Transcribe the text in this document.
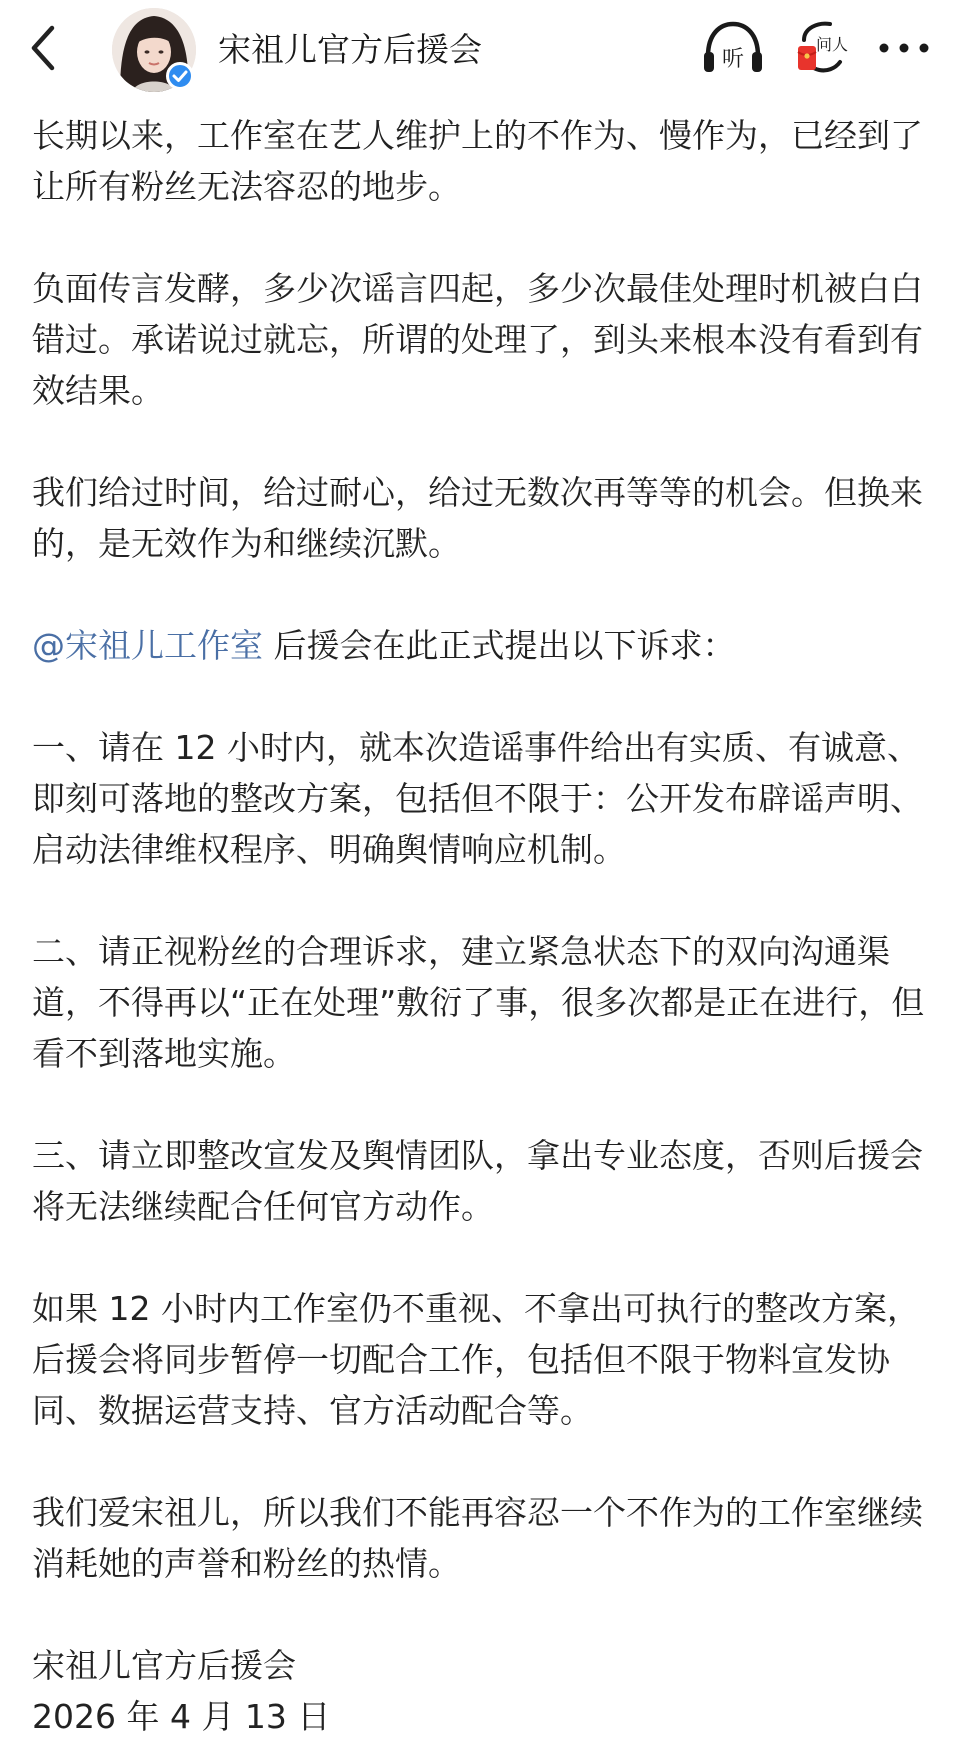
宋祖儿官方后援会	听
问人

长期以来，工作室在艺人维护上的不作为、慢作为，已经到了让所有粉丝无法容忍的地步。

负面传言发酵，多少次谣言四起，多少次最佳处理时机被白白错过。承诺说过就忘，所谓的处理了，到头来根本没有看到有效结果。

我们给过时间，给过耐心，给过无数次再等等的机会。但换来的，是无效作为和继续沉默。

@宋祖儿工作室 后援会在此正式提出以下诉求：

一、请在 12 小时内，就本次造谣事件给出有实质、有诚意、即刻可落地的整改方案，包括但不限于：公开发布辟谣声明、启动法律维权程序、明确舆情响应机制。

二、请正视粉丝的合理诉求，建立紧急状态下的双向沟通渠道，不得再以“正在处理”敷衍了事，很多次都是正在进行，但看不到落地实施。

三、请立即整改宣发及舆情团队，拿出专业态度，否则后援会将无法继续配合任何官方动作。

如果 12 小时内工作室仍不重视、不拿出可执行的整改方案，后援会将同步暂停一切配合工作，包括但不限于物料宣发协同、数据运营支持、官方活动配合等。

我们爱宋祖儿，所以我们不能再容忍一个不作为的工作室继续消耗她的声誉和粉丝的热情。

宋祖儿官方后援会

2026 年 4 月 13 日
